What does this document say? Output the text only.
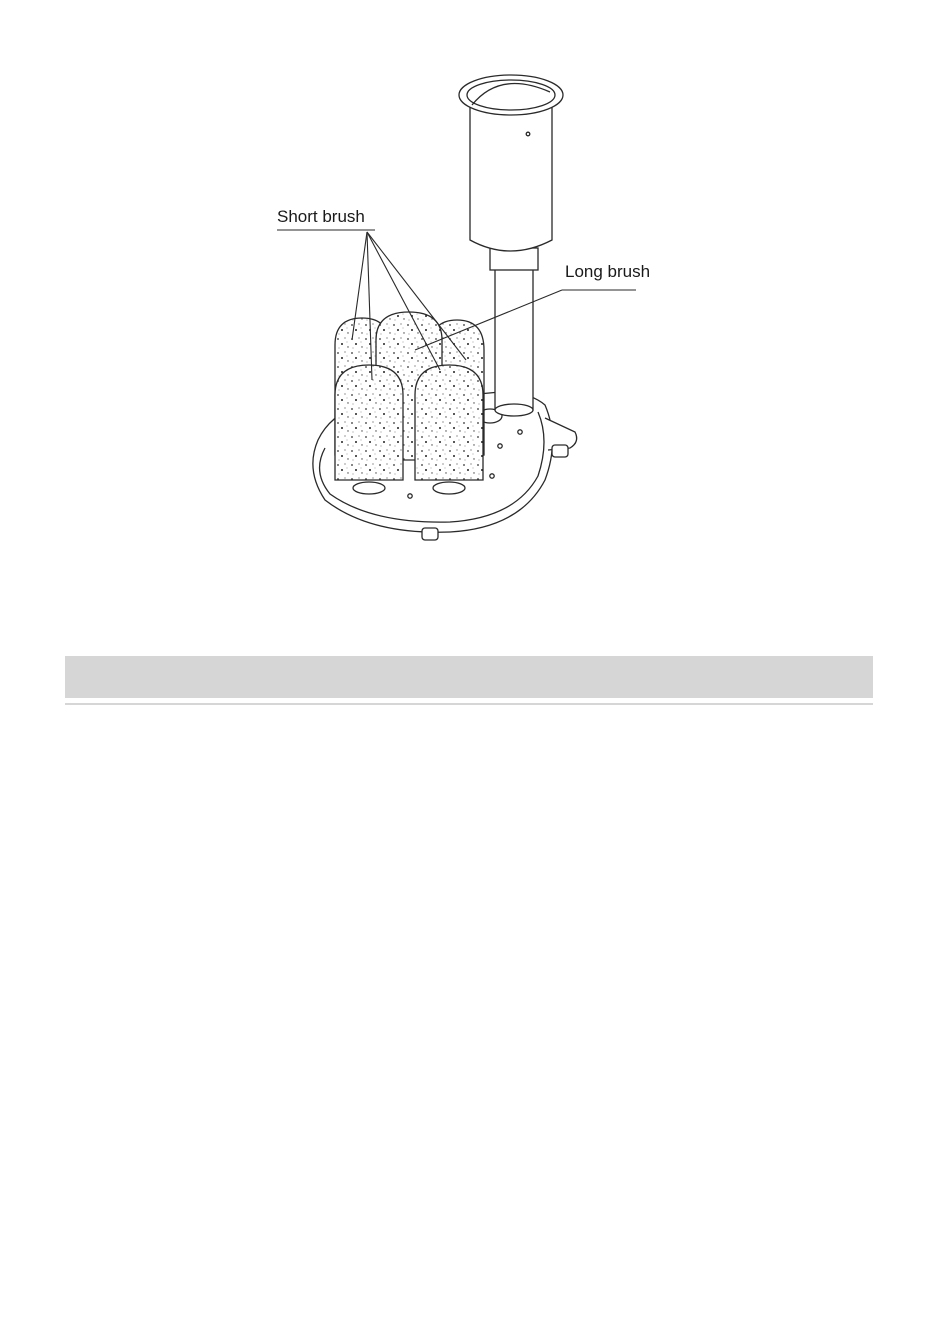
Short brush
Long brush
